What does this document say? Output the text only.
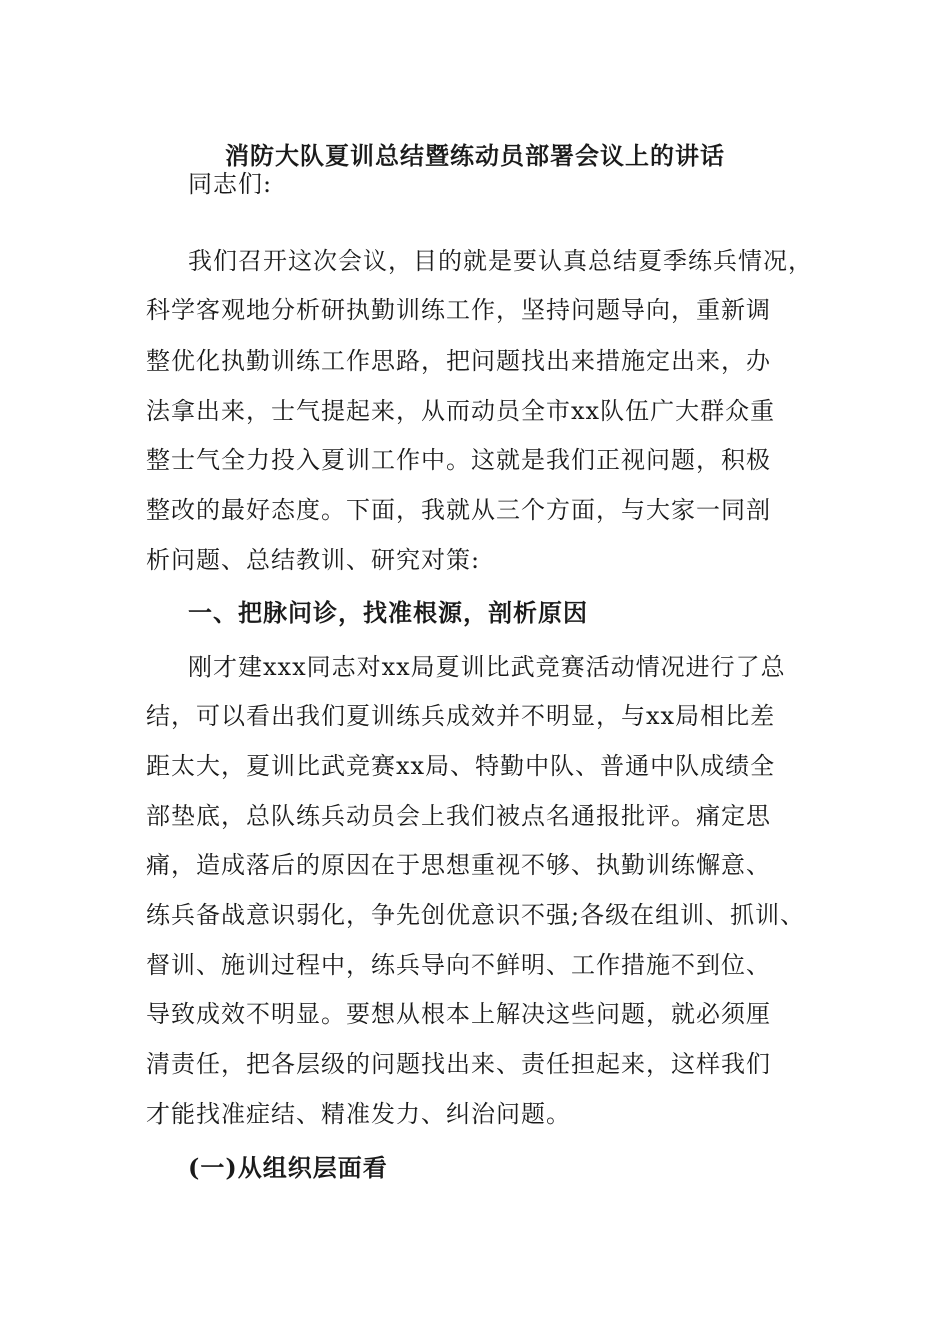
消防大队夏训总结暨练动员部署会议上的讲话
同志们:
我们召开这次会议，目的就是要认真总结夏季练兵情况，
科学客观地分析研执勤训练工作，坚持问题导向，重新调
整优化执勤训练工作思路，把问题找出来措施定出来，办
法拿出来，士气提起来，从而动员全市xx队伍广大群众重
整士气全力投入夏训工作中。这就是我们正视问题，积极
整改的最好态度。下面，我就从三个方面，与大家一同剖
析问题、总结教训、研究对策:
一、把脉问诊，找准根源，剖析原因
刚才建xxx同志对xx局夏训比武竞赛活动情况进行了总
结，可以看出我们夏训练兵成效并不明显，与xx局相比差
距太大，夏训比武竞赛xx局、特勤中队、普通中队成绩全
部垫底，总队练兵动员会上我们被点名通报批评。痛定思
痛，造成落后的原因在于思想重视不够、执勤训练懈意、
练兵备战意识弱化，争先创优意识不强;各级在组训、抓训、
督训、施训过程中，练兵导向不鲜明、工作措施不到位、
导致成效不明显。要想从根本上解决这些问题，就必须厘
清责任，把各层级的问题找出来、责任担起来，这样我们
才能找准症结、精准发力、纠治问题。
(一)从组织层面看
